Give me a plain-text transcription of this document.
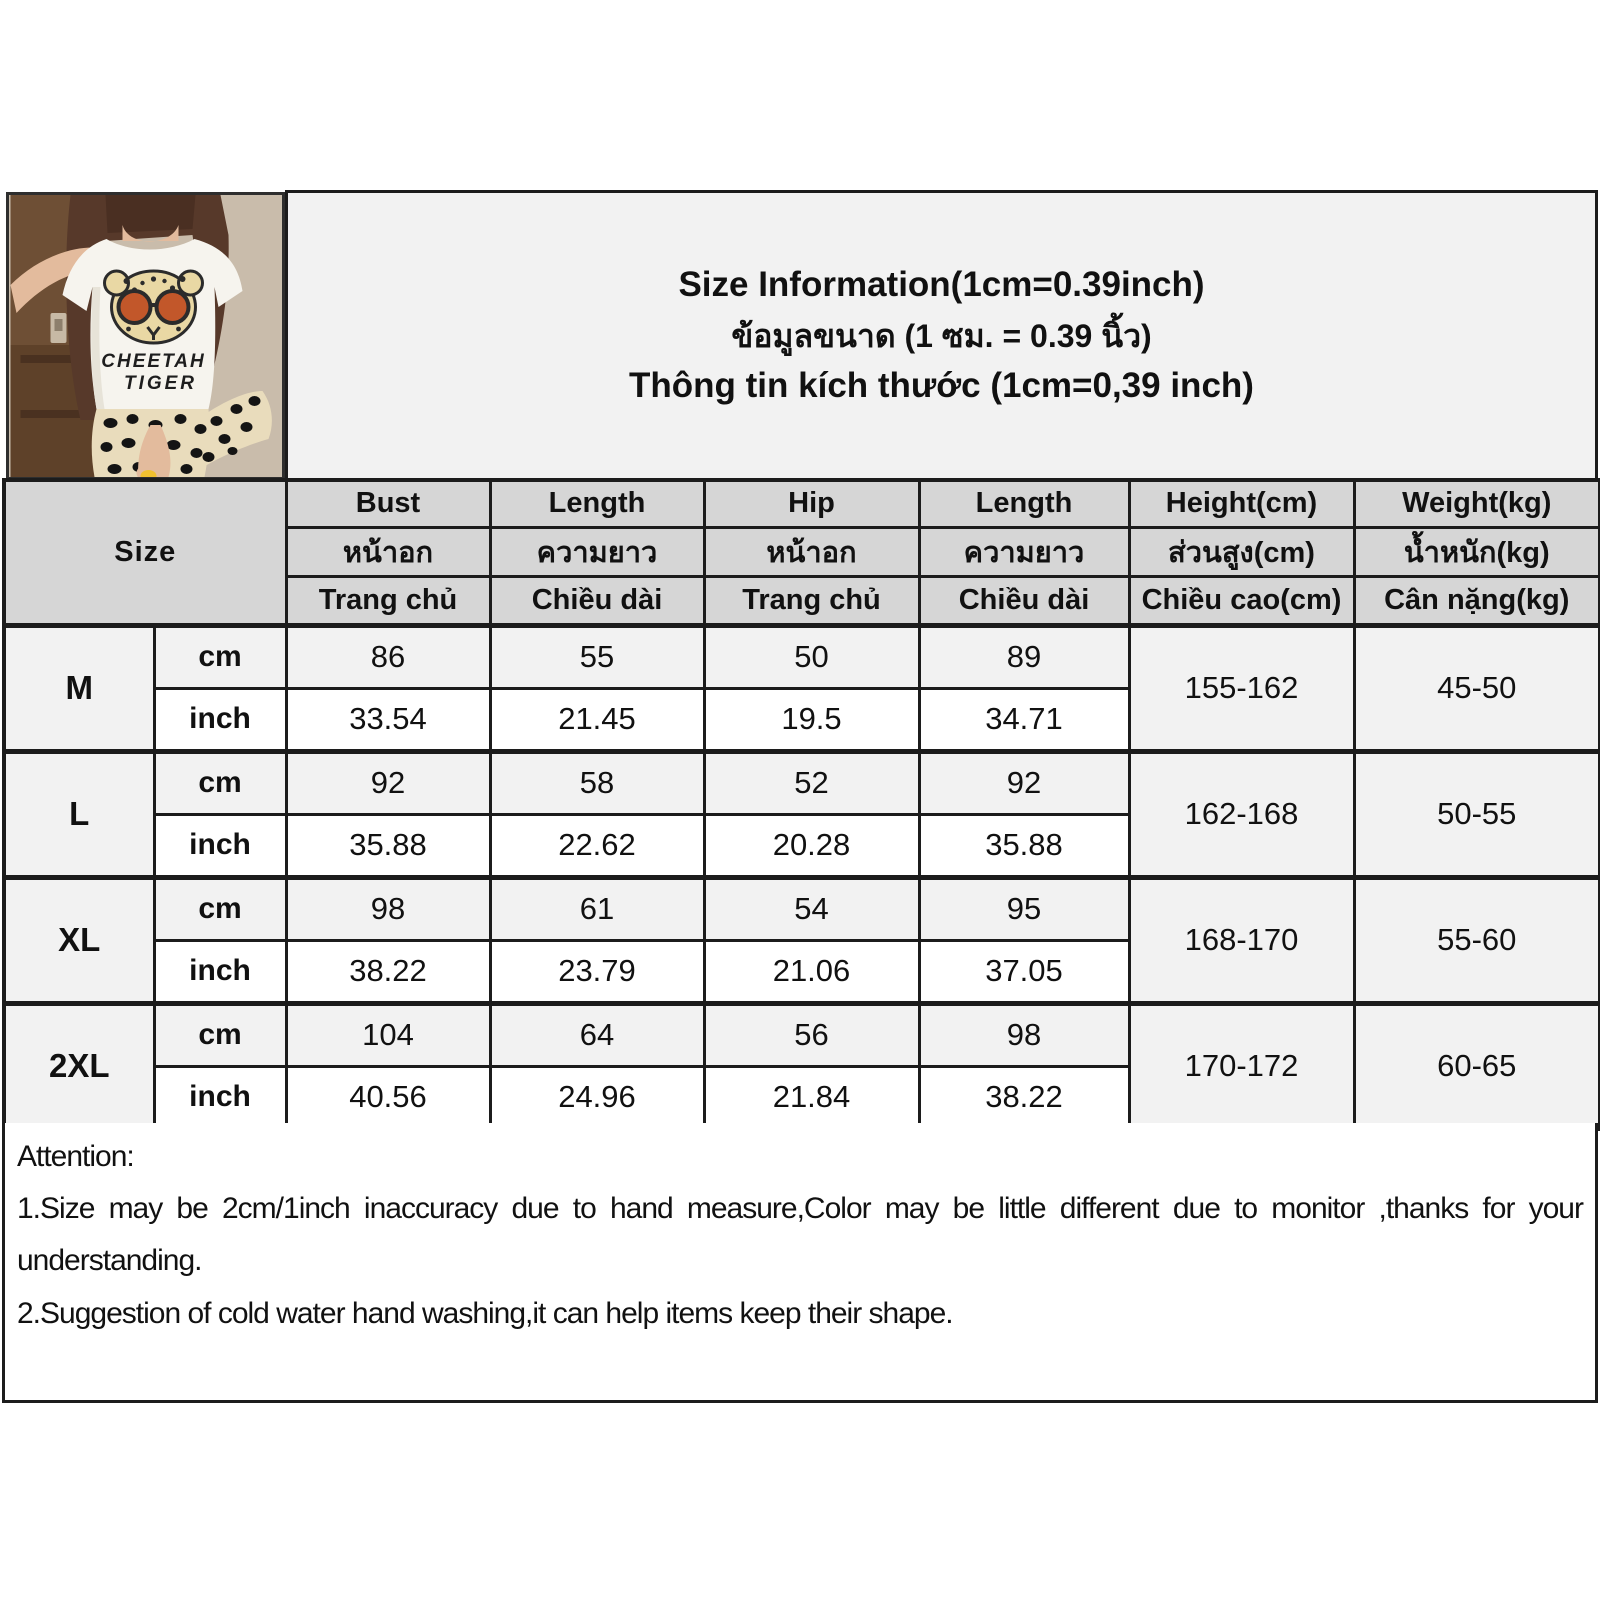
CHEETAH
TIGER
Size Information(1cm=0.39inch)
ข้อมูลขนาด (1 ซม. = 0.39 นิ้ว)
Thông tin kích thước (1cm=0,39 inch)
Size		Bust	Length	Hip	Length	Height(cm)	Weight(kg)
		หน้าอก	ความยาว	หน้าอก	ความยาว	ส่วนสูง(cm)	น้ำหนัก(kg)
		Trang chủ	Chiều dài	Trang chủ	Chiều dài	Chiều cao(cm)	Cân nặng(kg)
M	cm	86	55	50	89	155-162	45-50
	inch	33.54	21.45	19.5	34.71		
L	cm	92	58	52	92	162-168	50-55
	inch	35.88	22.62	20.28	35.88		
XL	cm	98	61	54	95	168-170	55-60
	inch	38.22	23.79	21.06	37.05		
2XL	cm	104	64	56	98	170-172	60-65
	inch	40.56	24.96	21.84	38.22		

Attention:

1.Size may be 2cm/1inch inaccuracy due to hand measure,Color may be little different due to monitor ,thanks for your understanding.

2.Suggestion of cold water hand washing,it can help items keep their shape.
